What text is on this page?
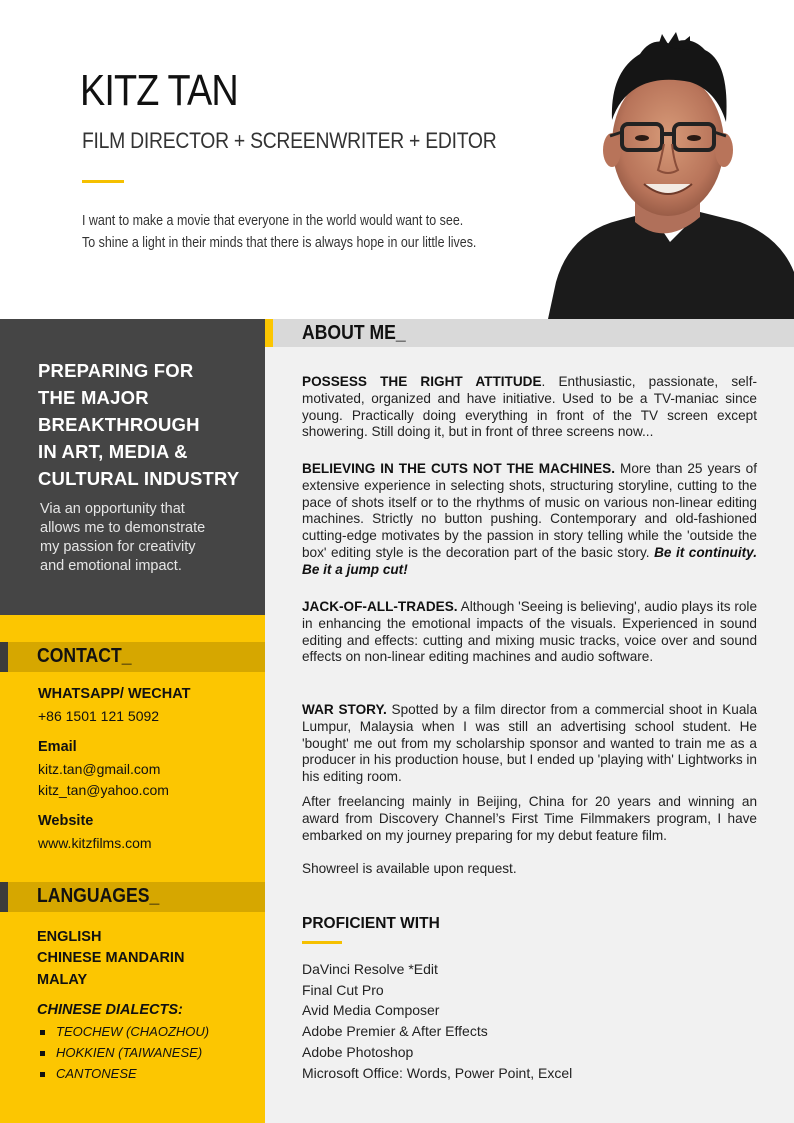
KITZ TAN
FILM DIRECTOR + SCREENWRITER + EDITOR
I want to make a movie that everyone in the world would want to see.
To shine a light in their minds that there is always hope in our little lives.
PREPARING FOR
THE MAJOR
BREAKTHROUGH
IN ART, MEDIA &
CULTURAL INDUSTRY
Via an opportunity that
allows me to demonstrate
my passion for creativity
and emotional impact.
CONTACT_
WHATSAPP/ WECHAT
+86 1501 121 5092
Email
kitz.tan@gmail.com
kitz_tan@yahoo.com
Website
www.kitzfilms.com
LANGUAGES_
ENGLISH
CHINESE MANDARIN
MALAY
CHINESE DIALECTS:
TEOCHEW (CHAOZHOU)
HOKKIEN (TAIWANESE)
CANTONESE
ABOUT ME_
POSSESS THE RIGHT ATTITUDE. Enthusiastic, passionate, self-motivated, organized and have initiative. Used to be a TV-maniac since young. Practically doing everything in front of the TV screen except showering. Still doing it, but in front of three screens now...
BELIEVING IN THE CUTS NOT THE MACHINES. More than 25 years of extensive experience in selecting shots, structuring storyline, cutting to the pace of shots itself or to the rhythms of music on various non-linear editing machines. Strictly no button pushing. Contemporary and old-fashioned cutting-edge motivates by the passion in story telling while the 'outside the box' editing style is the decoration part of the basic story. Be it continuity. Be it a jump cut!
JACK-OF-ALL-TRADES. Although 'Seeing is believing', audio plays its role in enhancing the emotional impacts of the visuals. Experienced in sound editing and effects: cutting and mixing music tracks, voice over and sound effects on non-linear editing machines and audio software.
WAR STORY. Spotted by a film director from a commercial shoot in Kuala Lumpur, Malaysia when I was still an advertising school student. He 'bought' me out from my scholarship sponsor and wanted to train me as a producer in his production house, but I ended up 'playing with' Lightworks in his editing room.
After freelancing mainly in Beijing, China for 20 years and winning an award from Discovery Channel’s First Time Filmmakers program, I have embarked on my journey preparing for my debut feature film.
Showreel is available upon request.
PROFICIENT WITH
DaVinci Resolve *Edit
Final Cut Pro
Avid Media Composer
Adobe Premier & After Effects
Adobe Photoshop
Microsoft Office: Words, Power Point, Excel
